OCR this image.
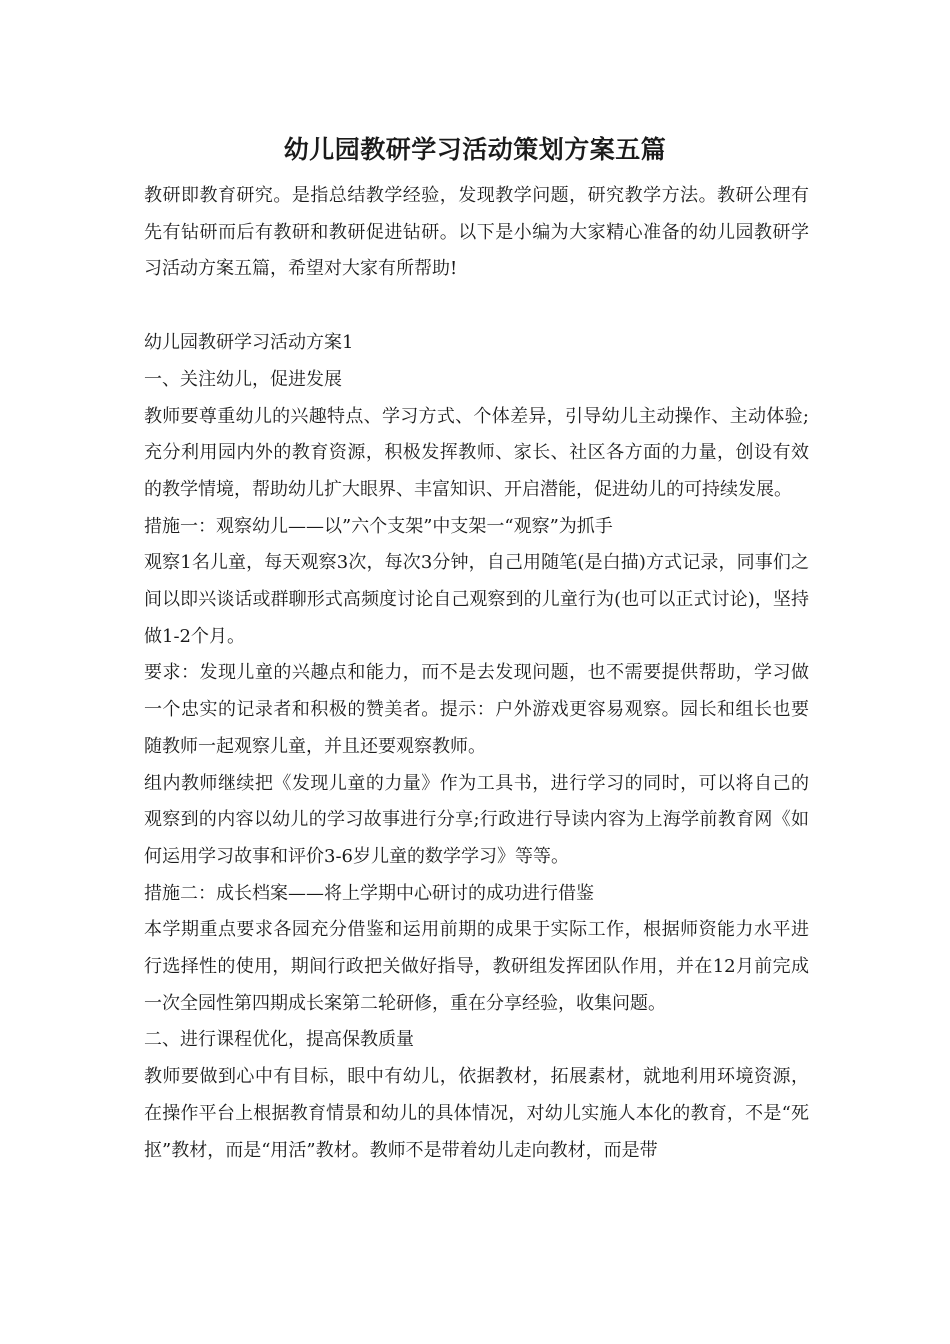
幼儿园教研学习活动策划方案五篇

教研即教育研究。是指总结教学经验，发现教学问题，研究教学方法。教研公理有先有钻研而后有教研和教研促进钻研。以下是小编为大家精心准备的幼儿园教研学习活动方案五篇，希望对大家有所帮助!

幼儿园教研学习活动方案1

一、关注幼儿，促进发展

教师要尊重幼儿的兴趣特点、学习方式、个体差异，引导幼儿主动操作、主动体验;充分利用园内外的教育资源，积极发挥教师、家长、社区各方面的力量，创设有效的教学情境，帮助幼儿扩大眼界、丰富知识、开启潜能，促进幼儿的可持续发展。

措施一：观察幼儿——以”六个支架”中支架一“观察”为抓手

观察1名儿童，每天观察3次，每次3分钟，自己用随笔(是白描)方式记录，同事们之间以即兴谈话或群聊形式高频度讨论自己观察到的儿童行为(也可以正式讨论)，坚持做1-2个月。

要求：发现儿童的兴趣点和能力，而不是去发现问题，也不需要提供帮助，学习做一个忠实的记录者和积极的赞美者。提示：户外游戏更容易观察。园长和组长也要随教师一起观察儿童，并且还要观察教师。

组内教师继续把《发现儿童的力量》作为工具书，进行学习的同时，可以将自己的观察到的内容以幼儿的学习故事进行分享;行政进行导读内容为上海学前教育网《如何运用学习故事和评价3-6岁儿童的数学学习》等等。

措施二：成长档案——将上学期中心研讨的成功进行借鉴

本学期重点要求各园充分借鉴和运用前期的成果于实际工作，根据师资能力水平进行选择性的使用，期间行政把关做好指导，教研组发挥团队作用，并在12月前完成一次全园性第四期成长案第二轮研修，重在分享经验，收集问题。

二、进行课程优化，提高保教质量

教师要做到心中有目标，眼中有幼儿，依据教材，拓展素材，就地利用环境资源，在操作平台上根据教育情景和幼儿的具体情况，对幼儿实施人本化的教育，不是“死抠”教材，而是“用活”教材。教师不是带着幼儿走向教材，而是带
